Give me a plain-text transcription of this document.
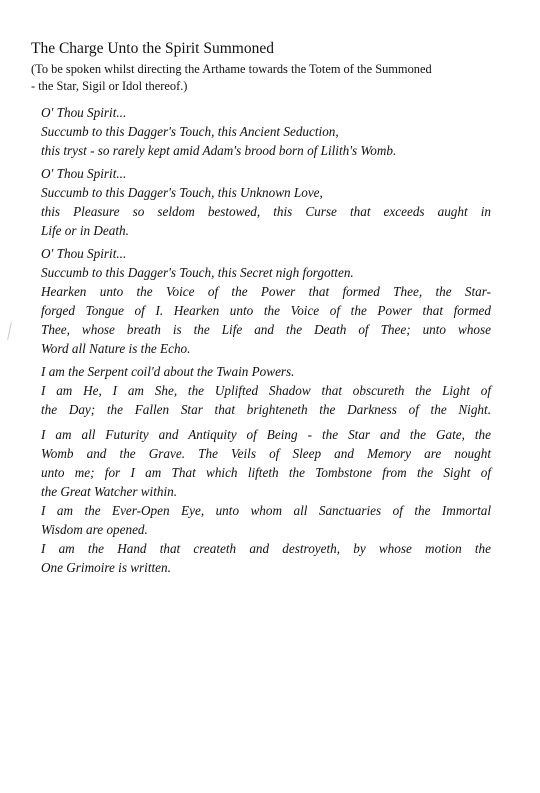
The Charge Unto the Spirit Summoned
(To be spoken whilst directing the Arthame towards the Totem of the Summoned
- the Star, Sigil or Idol thereof.)
O' Thou Spirit...
Succumb to this Dagger's Touch, this Ancient Seduction,
this tryst - so rarely kept amid Adam's brood born of Lilith's Womb.
O' Thou Spirit...
Succumb to this Dagger's Touch, this Unknown Love,
this Pleasure so seldom bestowed, this Curse that exceeds aught in
Life or in Death.
O' Thou Spirit...
Succumb to this Dagger's Touch, this Secret nigh forgotten.
Hearken unto the Voice of the Power that formed Thee, the Star-
forged Tongue of I. Hearken unto the Voice of the Power that formed
Thee, whose breath is the Life and the Death of Thee; unto whose
Word all Nature is the Echo.
I am the Serpent coil'd about the Twain Powers.
I am He, I am She, the Uplifted Shadow that obscureth the Light of
the Day; the Fallen Star that brighteneth the Darkness of the Night.
I am all Futurity and Antiquity of Being - the Star and the Gate, the
Womb and the Grave. The Veils of Sleep and Memory are nought
unto me; for I am That which lifteth the Tombstone from the Sight of
the Great Watcher within.
I am the Ever-Open Eye, unto whom all Sanctuaries of the Immortal
Wisdom are opened.
I am the Hand that createth and destroyeth, by whose motion the
One Grimoire is written.
